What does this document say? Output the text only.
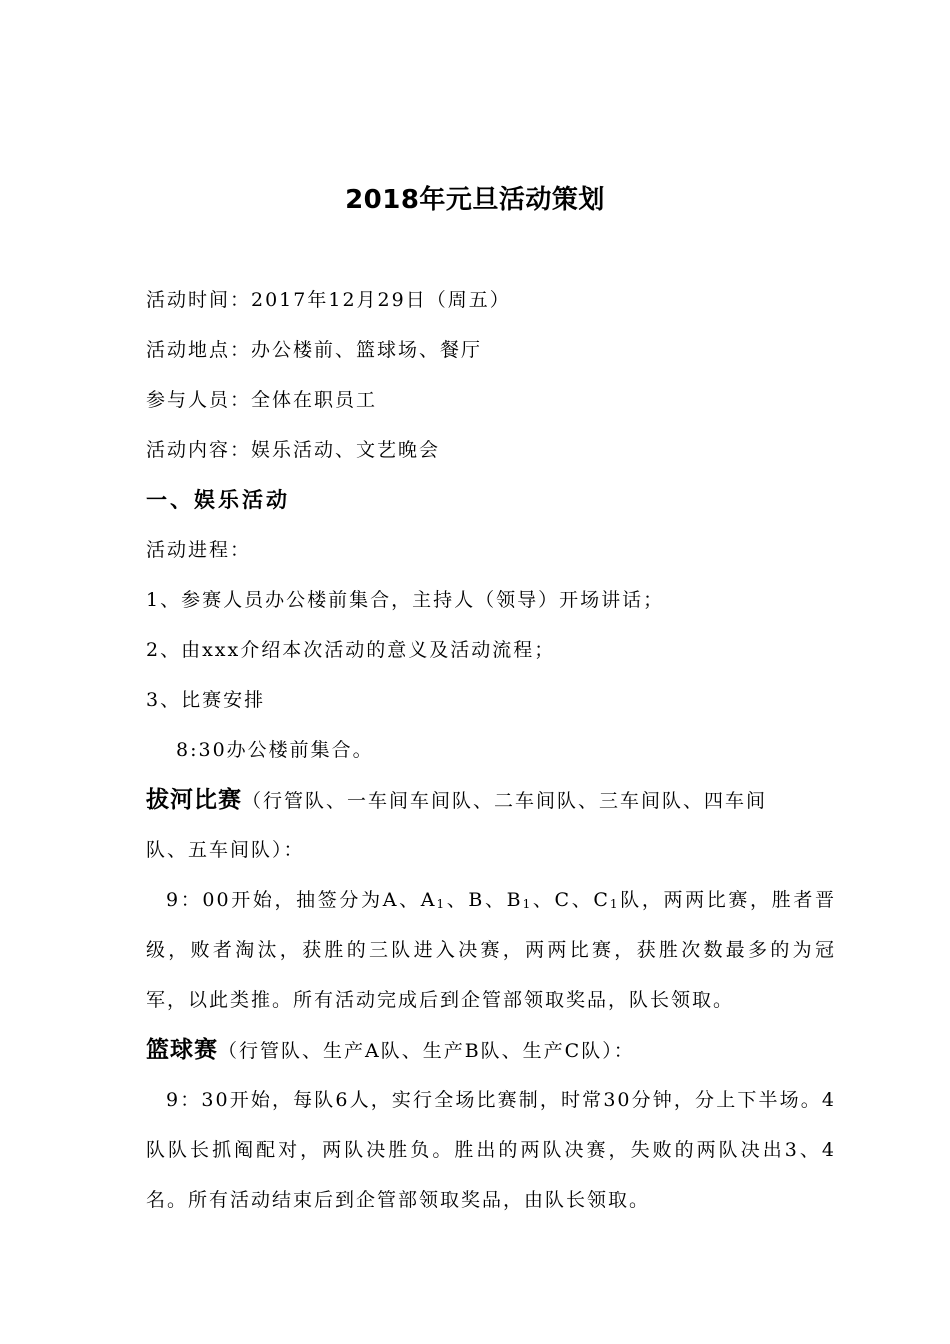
2018年元旦活动策划
活动时间：2017年12月29日（周五）
活动地点：办公楼前、篮球场、餐厅
参与人员：全体在职员工
活动内容：娱乐活动、文艺晚会
一、娱乐活动
活动进程：
1、参赛人员办公楼前集合，主持人（领导）开场讲话；
2、由xxx介绍本次活动的意义及活动流程；
3、比赛安排
8:30办公楼前集合。
拔河比赛（行管队、一车间车间队、二车间队、三车间队、四车间
队、五车间队）：
9：00开始，抽签分为A、$A_1$、B、$B_1$、C、$C_1$队，两两比赛，胜者晋级，败者淘汰，获胜的三队进入决赛，两两比赛，获胜次数最多的为冠军，以此类推。所有活动完成后到企管部领取奖品，队长领取。
篮球赛（行管队、生产A队、生产B队、生产C队）：
9：30开始，每队6人，实行全场比赛制，时常30分钟，分上下半场。4队队长抓阄配对，两队决胜负。胜出的两队决赛，失败的两队决出3、4名。所有活动结束后到企管部领取奖品，由队长领取。
